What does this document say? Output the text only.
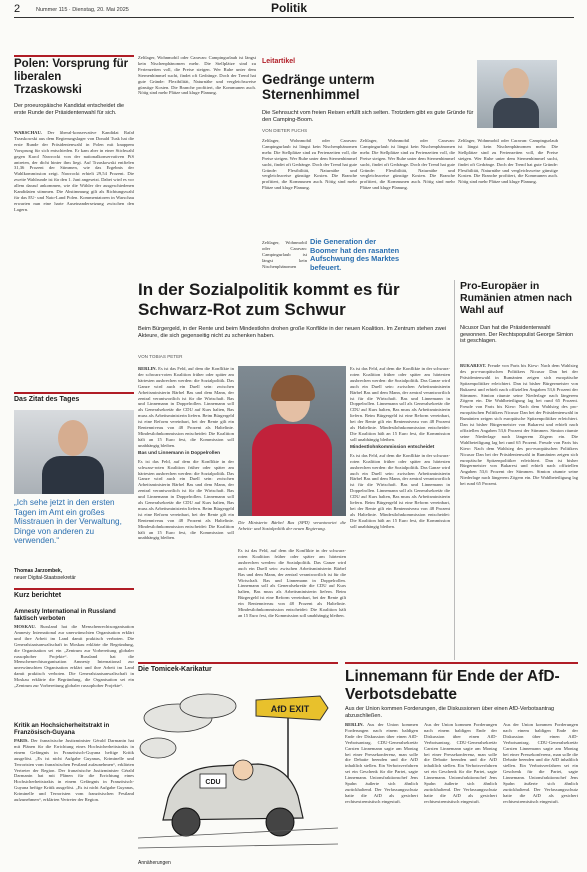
2	Nummer 115 · Dienstag, 20. Mai 2025	Politik
Polen: Vorsprung für liberalen Trzaskowski
Der proeuropäische Kandidat entscheidet die erste Runde der Präsidentenwahl für sich.
WARSCHAU. Der liberal-konservative Kandidat Rafał Trzaskowski aus dem Regierungslager von Donald Tusk hat die erste Runde der Präsidentenwahl in Polen mit knappem Vorsprung für sich entschieden. Er kam aber in einer Stichwahl gegen Karol Nawrocki von der nationalkonservativen PiS antreten, der dicht hinter ihm liegt. Auf Trzaskowski entfielen 31,36 Prozent der Stimmen, wie das Ergebnis der Wahlkommission zeigt. Nawrocki erhielt 29,54 Prozent. Die zweite Wahlrunde ist für den 1. Juni angesetzt. Dabei wird es vor allem darauf ankommen, wie die Wähler der ausgeschiedenen Kandidaten stimmen. Die Abstimmung gilt als Richtungswahl für das EU- und Nato-Land Polen. Kommentatoren in Warschau erwarten nun eine harte Auseinandersetzung zwischen den Lagern.
Zeltlager, Wohnmobil oder Caravan: Campingurlaub ist längst kein Nischenphänomen mehr. Die Stellplätze sind zu Ferienzeiten voll, die Preise steigen. Wer Ruhe unter dem Sternenhimmel sucht, findet oft Gedränge. Doch der Trend hat gute Gründe: Flexibilität, Naturnähe und vergleichsweise günstige Kosten. Die Branche profitiert, die Kommunen auch. Nötig sind mehr Plätze und kluge Planung.
Leitartikel
Gedränge unterm Sternenhimmel
Die Sehnsucht vom freien Reisen erfüllt sich selten. Trotzdem gibt es gute Gründe für den Camping-Boom.
VON DIETER FUCHS
Zeltlager, Wohnmobil oder Caravan: Campingurlaub ist längst kein Nischenphänomen mehr. Die Stellplätze sind zu Ferienzeiten voll, die Preise steigen. Wer Ruhe unter dem Sternenhimmel sucht, findet oft Gedränge. Doch der Trend hat gute Gründe: Flexibilität, Naturnähe und vergleichsweise günstige Kosten. Die Branche profitiert, die Kommunen auch. Nötig sind mehr Plätze und kluge Planung.
Zeltlager, Wohnmobil oder Caravan: Campingurlaub ist längst kein Nischenphänomen mehr. Die Stellplätze sind zu Ferienzeiten voll, die Preise steigen. Wer Ruhe unter dem Sternenhimmel sucht, findet oft Gedränge. Doch der Trend hat gute Gründe: Flexibilität, Naturnähe und vergleichsweise günstige Kosten. Die Branche profitiert, die Kommunen auch. Nötig sind mehr Plätze und kluge Planung.
Zeltlager, Wohnmobil oder Caravan: Campingurlaub ist längst kein Nischenphänomen mehr. Die Stellplätze sind zu Ferienzeiten voll, die Preise steigen. Wer Ruhe unter dem Sternenhimmel sucht, findet oft Gedränge. Doch der Trend hat gute Gründe: Flexibilität, Naturnähe und vergleichsweise günstige Kosten. Die Branche profitiert, die Kommunen auch. Nötig sind mehr Plätze und kluge Planung.
Die Generation der Boomer hat den rasanten Aufschwung des Marktes befeuert.
Zeltlager, Wohnmobil oder Caravan: Campingurlaub ist längst kein Nischenphänomen
In der Sozialpolitik kommt es für Schwarz-Rot zum Schwur
Beim Bürgergeld, in der Rente und beim Mindestlohn drohen große Konflikte in der neuen Koalition. Im Zentrum stehen zwei Akteure, die sich gegenseitig nicht zu schenken haben.
VON TOBIAS PETER
BERLIN. Es ist das Feld, auf dem die Konflikte in der schwarz-roten Koalition früher oder später am härtesten ausbrechen werden: die Sozialpolitik. Das Ganze wird auch ein Duell sein: zwischen Arbeitsministerin Bärbel Bas und dem Mann, der zentral verantwortlich ist für die Wirtschaft. Bas und Linnemann in Doppelrollen. Linnemann soll als Generalsekretär die CDU auf Kurs halten, Bas muss als Arbeitsministerin liefern. Beim Bürgergeld ist eine Reform vereinbart, bei der Rente gilt ein Rentenniveau von 48 Prozent als Haltelinie. Mindestlohnkommission entscheidet: Die Koalition hält an 15 Euro fest, die Kommission soll unabhängig bleiben.
Bas und Linnemann in Doppelrollen
Es ist das Feld, auf dem die Konflikte in der schwarz-roten Koalition früher oder später am härtesten ausbrechen werden: die Sozialpolitik. Das Ganze wird auch ein Duell sein: zwischen Arbeitsministerin Bärbel Bas und dem Mann, der zentral verantwortlich ist für die Wirtschaft. Bas und Linnemann in Doppelrollen. Linnemann soll als Generalsekretär die CDU auf Kurs halten, Bas muss als Arbeitsministerin liefern. Beim Bürgergeld ist eine Reform vereinbart, bei der Rente gilt ein Rentenniveau von 48 Prozent als Haltelinie. Mindestlohnkommission entscheidet: Die Koalition hält an 15 Euro fest, die Kommission soll unabhängig bleiben.
Die Ministerin Bärbel Bas (SPD) verantwortet die Arbeits- und Sozialpolitik der neuen Regierung.
Es ist das Feld, auf dem die Konflikte in der schwarz-roten Koalition früher oder später am härtesten ausbrechen werden: die Sozialpolitik. Das Ganze wird auch ein Duell sein: zwischen Arbeitsministerin Bärbel Bas und dem Mann, der zentral verantwortlich ist für die Wirtschaft. Bas und Linnemann in Doppelrollen. Linnemann soll als Generalsekretär die CDU auf Kurs halten, Bas muss als Arbeitsministerin liefern. Beim Bürgergeld ist eine Reform vereinbart, bei der Rente gilt ein Rentenniveau von 48 Prozent als Haltelinie. Mindestlohnkommission entscheidet: Die Koalition hält an 15 Euro fest, die Kommission soll unabhängig bleiben.
Es ist das Feld, auf dem die Konflikte in der schwarz-roten Koalition früher oder später am härtesten ausbrechen werden: die Sozialpolitik. Das Ganze wird auch ein Duell sein: zwischen Arbeitsministerin Bärbel Bas und dem Mann, der zentral verantwortlich ist für die Wirtschaft. Bas und Linnemann in Doppelrollen. Linnemann soll als Generalsekretär die CDU auf Kurs halten, Bas muss als Arbeitsministerin liefern. Beim Bürgergeld ist eine Reform vereinbart, bei der Rente gilt ein Rentenniveau von 48 Prozent als Haltelinie. Mindestlohnkommission entscheidet: Die Koalition hält an 15 Euro fest, die Kommission soll unabhängig bleiben.
Mindestlohnkommission entscheidet
Es ist das Feld, auf dem die Konflikte in der schwarz-roten Koalition früher oder später am härtesten ausbrechen werden: die Sozialpolitik. Das Ganze wird auch ein Duell sein: zwischen Arbeitsministerin Bärbel Bas und dem Mann, der zentral verantwortlich ist für die Wirtschaft. Bas und Linnemann in Doppelrollen. Linnemann soll als Generalsekretär die CDU auf Kurs halten, Bas muss als Arbeitsministerin liefern. Beim Bürgergeld ist eine Reform vereinbart, bei der Rente gilt ein Rentenniveau von 48 Prozent als Haltelinie. Mindestlohnkommission entscheidet: Die Koalition hält an 15 Euro fest, die Kommission soll unabhängig bleiben.
Pro-Europäer in Rumänien atmen nach Wahl auf
Nicusor Dan hat die Präsidentenwahl gewonnen. Der Rechtspopulist George Simion ist geschlagen.
BUKAREST. Freude von Paris bis Kiew: Nach dem Wahlsieg des pro-europäischen Politikers Nicusor Dan bei der Präsidentenwahl in Rumänien zeigen sich europäische Spitzenpolitiker erleichtert. Dan ist bisher Bürgermeister von Bukarest und erhielt nach offiziellen Angaben 53,6 Prozent der Stimmen. Simion räumte seine Niederlage nach längerem Zögern ein. Die Wahlbeteiligung lag bei rund 65 Prozent. Freude von Paris bis Kiew: Nach dem Wahlsieg des pro-europäischen Politikers Nicusor Dan bei der Präsidentenwahl in Rumänien zeigen sich europäische Spitzenpolitiker erleichtert. Dan ist bisher Bürgermeister von Bukarest und erhielt nach offiziellen Angaben 53,6 Prozent der Stimmen. Simion räumte seine Niederlage nach längerem Zögern ein. Die Wahlbeteiligung lag bei rund 65 Prozent. Freude von Paris bis Kiew: Nach dem Wahlsieg des pro-europäischen Politikers Nicusor Dan bei der Präsidentenwahl in Rumänien zeigen sich europäische Spitzenpolitiker erleichtert. Dan ist bisher Bürgermeister von Bukarest und erhielt nach offiziellen Angaben 53,6 Prozent der Stimmen. Simion räumte seine Niederlage nach längerem Zögern ein. Die Wahlbeteiligung lag bei rund 65 Prozent.
Das Zitat des Tages
„Ich sehe jetzt in den ersten Tagen im Amt ein großes Misstrauen in der Verwaltung, Dinge von anderen zu verwenden.“
Thomas Jarzombek,
neuer Digital-Staatssekretär
Kurz berichtet
Amnesty International in Russland faktisch verboten
MOSKAU. Russland hat die Menschenrechtsorganisation Amnesty International zur unerwünschten Organisation erklärt und ihre Arbeit im Land damit praktisch verboten. Die Generalstaatsanwaltschaft in Moskau erklärte die Begründung, die Organisation sei ein „Zentrum zur Vorbereitung globaler russophober Projekte“.	Russland hat die Menschenrechtsorganisation Amnesty International zur unerwünschten Organisation erklärt und ihre Arbeit im Land damit praktisch verboten. Die Generalstaatsanwaltschaft in Moskau erklärte die Begründung, die Organisation sei ein „Zentrum zur Vorbereitung globaler russophober Projekte“.
Kritik an Hochsicherheitstrakt in Französisch-Guyana
PARIS. Der französische Justizminister Gérald Darmanin hat mit Plänen für die Errichtung eines Hochsicherheitstrakts in einem Gefängnis in Französisch-Guyana heftige Kritik ausgelöst. „Es ist nicht Aufgabe Guyanas, Kriminelle und Terroristen vom französischen Festland aufzunehmen“, erklärten Vertreter der Region. Der französische Justizminister Gérald Darmanin hat mit Plänen für die Errichtung eines Hochsicherheitstrakts in einem Gefängnis in Französisch-Guyana heftige Kritik ausgelöst. „Es ist nicht Aufgabe Guyanas, Kriminelle und Terroristen vom französischen Festland aufzunehmen“, erklärten Vertreter der Region.
Die Tomicek-Karikatur
AfD EXIT
CDU
Annäherungen
Linnemann für Ende der AfD-Verbotsdebatte
Aus der Union kommen Forderungen, die Diskussionen über einen AfD-Verbotsantrag abzuschließen.
BERLIN. Aus der Union kommen Forderungen nach einem baldigen Ende der Diskussion über einen AfD-Verbotsantrag. CDU-Generalsekretär Carsten Linnemann sagte am Montag bei einer Pressekonferenz, man solle die Debatte beenden und die AfD inhaltlich stellen. Ein Verbotsverfahren sei ein Geschenk für die Partei, sagte Linnemann. Unionsfraktionschef Jens Spahn äußerte sich ähnlich zurückhaltend. Der Verfassungsschutz hatte die AfD als gesichert rechtsextremistisch eingestuft.
Aus der Union kommen Forderungen nach einem baldigen Ende der Diskussion über einen AfD-Verbotsantrag. CDU-Generalsekretär Carsten Linnemann sagte am Montag bei einer Pressekonferenz, man solle die Debatte beenden und die AfD inhaltlich stellen. Ein Verbotsverfahren sei ein Geschenk für die Partei, sagte Linnemann. Unionsfraktionschef Jens Spahn äußerte sich ähnlich zurückhaltend. Der Verfassungsschutz hatte die AfD als gesichert rechtsextremistisch eingestuft.
Aus der Union kommen Forderungen nach einem baldigen Ende der Diskussion über einen AfD-Verbotsantrag. CDU-Generalsekretär Carsten Linnemann sagte am Montag bei einer Pressekonferenz, man solle die Debatte beenden und die AfD inhaltlich stellen. Ein Verbotsverfahren sei ein Geschenk für die Partei, sagte Linnemann. Unionsfraktionschef Jens Spahn äußerte sich ähnlich zurückhaltend. Der Verfassungsschutz hatte die AfD als gesichert rechtsextremistisch eingestuft.
